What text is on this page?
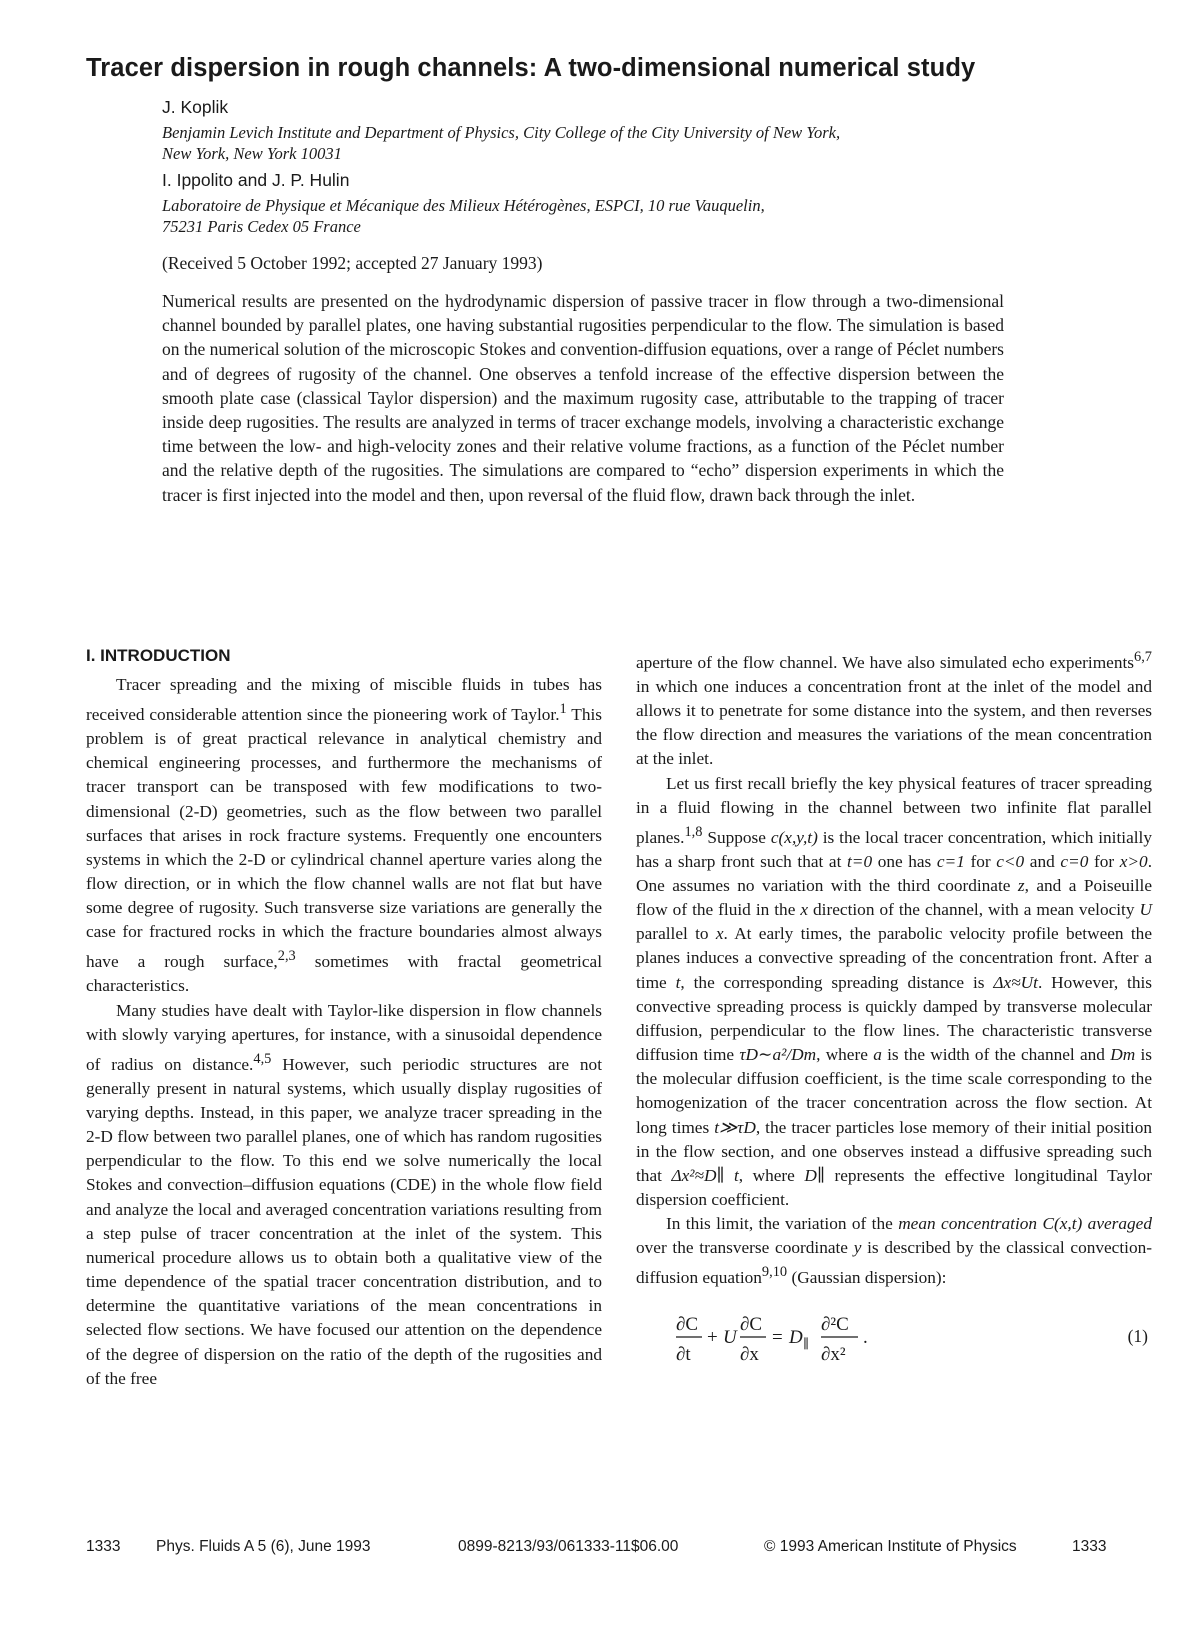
Tracer dispersion in rough channels: A two-dimensional numerical study
J. Koplik
Benjamin Levich Institute and Department of Physics, City College of the City University of New York,
New York, New York 10031
I. Ippolito and J. P. Hulin
Laboratoire de Physique et Mécanique des Milieux Hétérogènes, ESPCI, 10 rue Vauquelin,
75231 Paris Cedex 05 France
(Received 5 October 1992; accepted 27 January 1993)

Numerical results are presented on the hydrodynamic dispersion of passive tracer in flow through a two-dimensional channel bounded by parallel plates, one having substantial rugosities perpendicular to the flow. The simulation is based on the numerical solution of the microscopic Stokes and convention-diffusion equations, over a range of Péclet numbers and of degrees of rugosity of the channel. One observes a tenfold increase of the effective dispersion between the smooth plate case (classical Taylor dispersion) and the maximum rugosity case, attributable to the trapping of tracer inside deep rugosities. The results are analyzed in terms of tracer exchange models, involving a characteristic exchange time between the low- and high-velocity zones and their relative volume fractions, as a function of the Péclet number and the relative depth of the rugosities. The simulations are compared to “echo” dispersion experiments in which the tracer is first injected into the model and then, upon reversal of the fluid flow, drawn back through the inlet.

I. INTRODUCTION

Tracer spreading and the mixing of miscible fluids in tubes has received considerable attention since the pioneering work of Taylor.$^1$ This problem is of great practical relevance in analytical chemistry and chemical engineering processes, and furthermore the mechanisms of tracer transport can be transposed with few modifications to two-dimensional (2-D) geometries, such as the flow between two parallel surfaces that arises in rock fracture systems. Frequently one encounters systems in which the 2-D or cylindrical channel aperture varies along the flow direction, or in which the flow channel walls are not flat but have some degree of rugosity. Such transverse size variations are generally the case for fractured rocks in which the fracture boundaries almost always have a rough surface,$^{2,3}$ sometimes with fractal geometrical characteristics.

Many studies have dealt with Taylor-like dispersion in flow channels with slowly varying apertures, for instance, with a sinusoidal dependence of radius on distance.$^{4,5}$ However, such periodic structures are not generally present in natural systems, which usually display rugosities of varying depths. Instead, in this paper, we analyze tracer spreading in the 2-D flow between two parallel planes, one of which has random rugosities perpendicular to the flow. To this end we solve numerically the local Stokes and convection–diffusion equations (CDE) in the whole flow field and analyze the local and averaged concentration variations resulting from a step pulse of tracer concentration at the inlet of the system. This numerical procedure allows us to obtain both a qualitative view of the time dependence of the spatial tracer concentration distribution, and to determine the quantitative variations of the mean concentrations in selected flow sections. We have focused our attention on the dependence of the degree of dispersion on the ratio of the depth of the rugosities and of the free

aperture of the flow channel. We have also simulated echo experiments$^{6,7}$ in which one induces a concentration front at the inlet of the model and allows it to penetrate for some distance into the system, and then reverses the flow direction and measures the variations of the mean concentration at the inlet.

Let us first recall briefly the key physical features of tracer spreading in a fluid flowing in the channel between two infinite flat parallel planes.$^{1,8}$ Suppose c(x,y,t) is the local tracer concentration, which initially has a sharp front such that at t=0 one has c=1 for c<0 and c=0 for x>0. One assumes no variation with the third coordinate z, and a Poiseuille flow of the fluid in the x direction of the channel, with a mean velocity U parallel to x. At early times, the parabolic velocity profile between the planes induces a convective spreading of the concentration front. After a time t, the corresponding spreading distance is Δx≈Ut. However, this convective spreading process is quickly damped by transverse molecular diffusion, perpendicular to the flow lines. The characteristic transverse diffusion time τD∼a²/Dm, where a is the width of the channel and Dm is the molecular diffusion coefficient, is the time scale corresponding to the homogenization of the tracer concentration across the flow section. At long times t≫τD, the tracer particles lose memory of their initial position in the flow section, and one observes instead a diffusive spreading such that Δx²≈D∥ t, where D∥ represents the effective longitudinal Taylor dispersion coefficient.

In this limit, the variation of the mean concentration C(x,t) averaged over the transverse coordinate y is described by the classical convection-diffusion equation$^{9,10}$ (Gaussian dispersion):

∂C
∂t
+ U
∂C
∂x
= D ∥
∂²C
∂x²
.	(1)
1333 Phys. Fluids A 5 (6), June 1993	0899-8213/93/061333-11$06.00	© 1993 American Institute of Physics	1333
